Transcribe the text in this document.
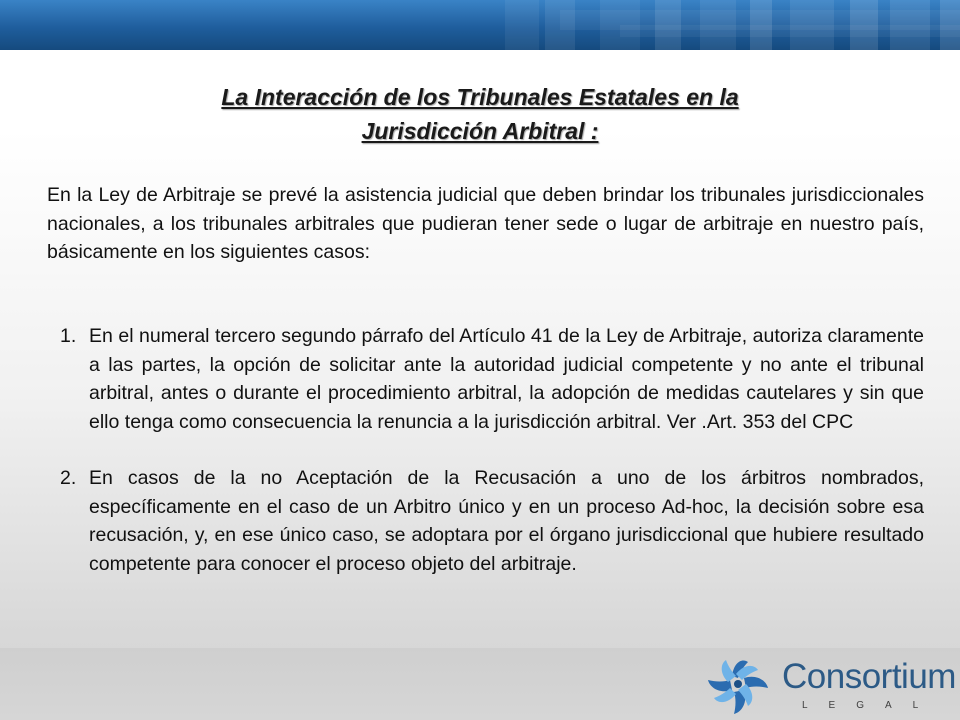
La Interacción de los Tribunales Estatales en la
Jurisdicción Arbitral :

En la Ley de Arbitraje se prevé la asistencia judicial que deben brindar los tribunales jurisdiccionales nacionales, a los tribunales arbitrales que pudieran tener sede o lugar de arbitraje en nuestro país, básicamente en los siguientes casos:

1. En el numeral tercero segundo párrafo del Artículo 41 de la Ley de Arbitraje, autoriza claramente a las partes, la opción de solicitar ante la autoridad judicial competente y no ante el tribunal arbitral, antes o durante el procedimiento arbitral, la adopción de medidas cautelares y sin que ello tenga como consecuencia la renuncia a la jurisdicción arbitral. Ver .Art. 353 del CPC
2. En casos de la no Aceptación de la Recusación a uno de los árbitros nombrados, específicamente en el caso de un Arbitro único y en un proceso Ad-hoc, la decisión sobre esa recusación, y, en ese único caso, se adoptara por el órgano jurisdiccional que hubiere resultado competente para conocer el proceso objeto del arbitraje.
Consortium
LEGAL
